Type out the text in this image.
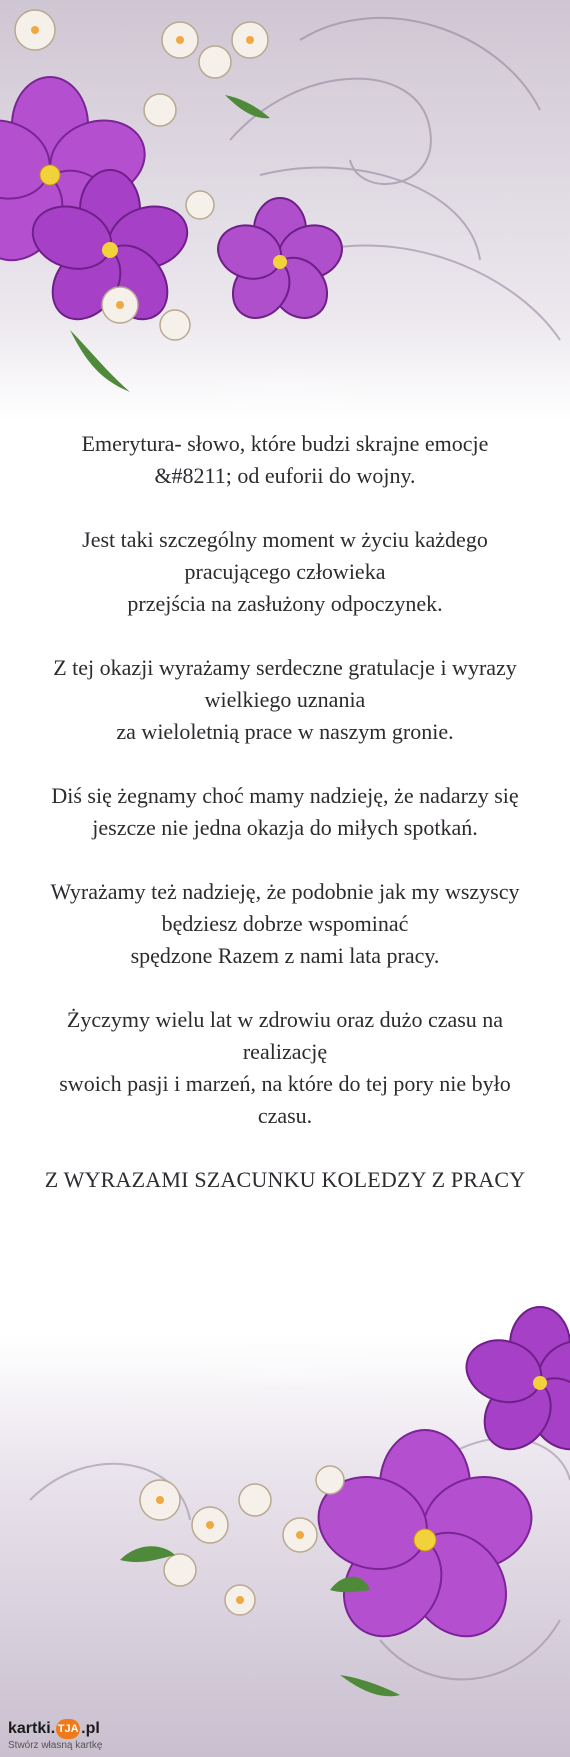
Emerytura- słowo, które budzi skrajne emocje
&#8211; od euforii do wojny.

Jest taki szczególny moment w życiu każdego
pracującego człowieka
przejścia na zasłużony odpoczynek.

Z tej okazji wyrażamy serdeczne gratulacje i wyrazy
wielkiego uznania
za wieloletnią prace w naszym gronie.

Diś się żegnamy choć mamy nadzieję, że nadarzy się
jeszcze nie jedna okazja do miłych spotkań.

Wyrażamy też nadzieję, że podobnie jak my wszyscy
będziesz dobrze wspominać
spędzone Razem z nami lata pracy.

Życzymy wielu lat w zdrowiu oraz dużo czasu na
realizację
swoich pasji i marzeń, na które do tej pory nie było
czasu.

Z WYRAZAMI SZACUNKU KOLEDZY Z PRACY

kartki. TJA .pl
Stwórz własną kartkę
